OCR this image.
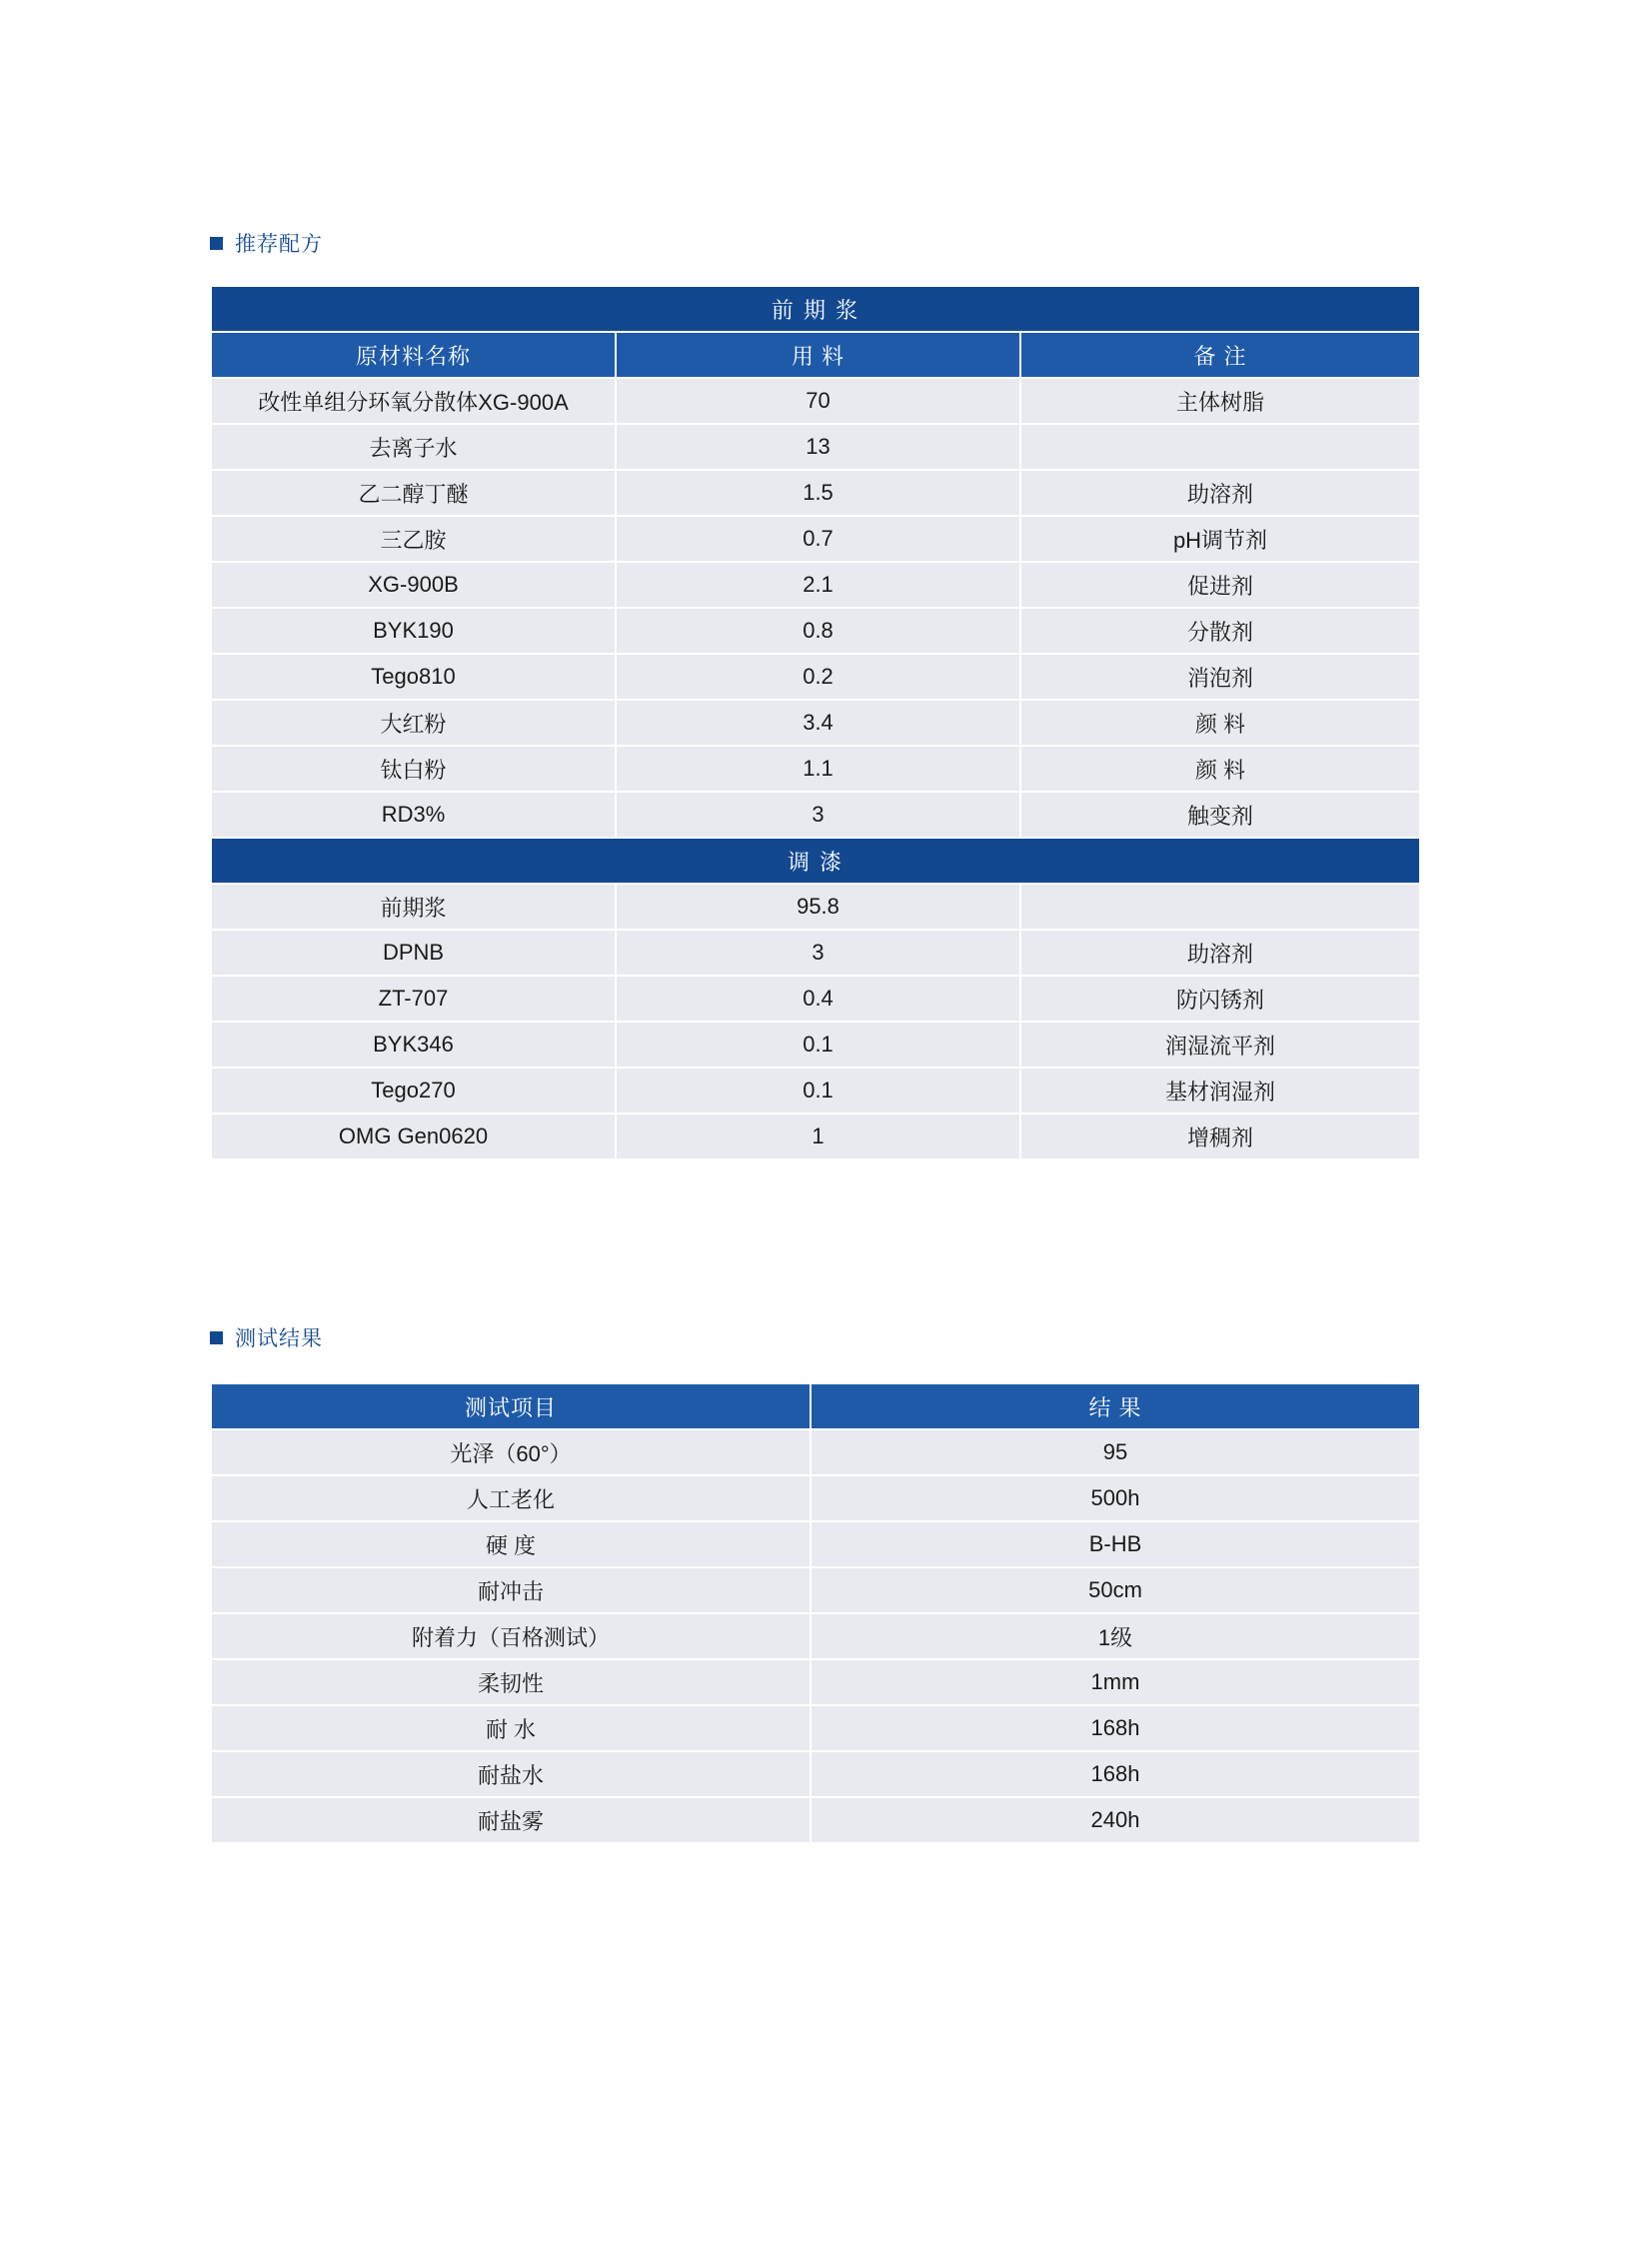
推荐配方
前 期 浆		
原材料名称	用 料	备 注
改性单组分环氧分散体XG-900A	70	主体树脂
去离子水	13	
乙二醇丁醚	1.5	助溶剂
三乙胺	0.7	pH调节剂
XG-900B	2.1	促进剂
BYK190	0.8	分散剂
Tego810	0.2	消泡剂
大红粉	3.4	颜 料
钛白粉	1.1	颜 料
RD3%	3	触变剂
调 漆		
前期浆	95.8	
DPNB	3	助溶剂
ZT-707	0.4	防闪锈剂
BYK346	0.1	润湿流平剂
Tego270	0.1	基材润湿剂
OMG Gen0620	1	增稠剂
测试结果
测试项目	结 果
光泽（60°）	95
人工老化	500h
硬 度	B-HB
耐冲击	50cm
附着力（百格测试）	1级
柔韧性	1mm
耐 水	168h
耐盐水	168h
耐盐雾	240h
